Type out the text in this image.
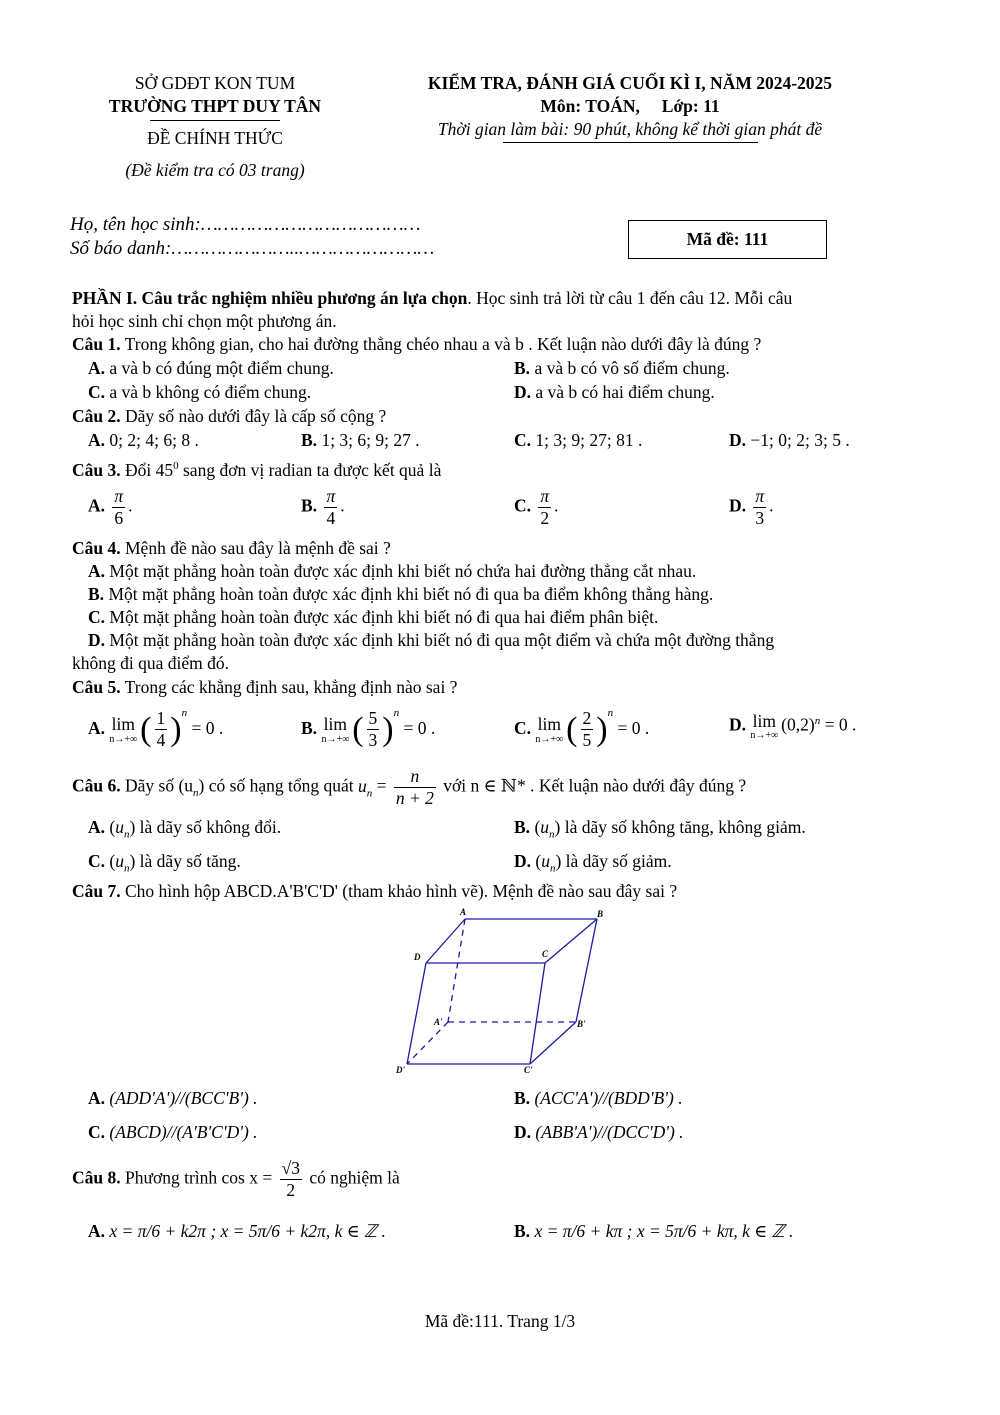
SỞ GDĐT KON TUM
TRƯỜNG THPT DUY TÂN
ĐỀ CHÍNH THỨC
(Đề kiểm tra có 03 trang)
KIỂM TRA, ĐÁNH GIÁ CUỐI KÌ I, NĂM 2024-2025
Môn: TOÁN,     Lớp: 11
Thời gian làm bài: 90 phút, không kể thời gian phát đề
Họ, tên học sinh:…………………………………
Số báo danh:…………………..……………………	Mã đề: 111
PHẦN I. Câu trắc nghiệm nhiều phương án lựa chọn. Học sinh trả lời từ câu 1 đến câu 12. Mỗi câu
hỏi học sinh chỉ chọn một phương án.
Câu 1. Trong không gian, cho hai đường thẳng chéo nhau a và b . Kết luận nào dưới đây là đúng ?
A. a và b có đúng một điểm chung.	B. a và b có vô số điểm chung.
C. a và b không có điểm chung.	D. a và b có hai điểm chung.
Câu 2. Dãy số nào dưới đây là cấp số cộng ?
A. 0; 2; 4; 6; 8 .	B. 1; 3; 6; 9; 27 .	C. 1; 3; 9; 27; 81 .	D. −1; 0; 2; 3; 5 .
Câu 3. Đổi $45^0$ sang đơn vị radian ta được kết quả là
A. $\frac{\pi}{6}$ .	B. $\frac{\pi}{4}$ .	C. $\frac{\pi}{2}$ .	D. $\frac{\pi}{3}$ .
Câu 4. Mệnh đề nào sau đây là mệnh đề sai ?
A. Một mặt phẳng hoàn toàn được xác định khi biết nó chứa hai đường thẳng cắt nhau.
B. Một mặt phẳng hoàn toàn được xác định khi biết nó đi qua ba điểm không thẳng hàng.
C. Một mặt phẳng hoàn toàn được xác định khi biết nó đi qua hai điểm phân biệt.
D. Một mặt phẳng hoàn toàn được xác định khi biết nó đi qua một điểm và chứa một đường thẳng
không đi qua điểm đó.
Câu 5. Trong các khẳng định sau, khẳng định nào sai ?
A. lim
n→+∞ ( $\frac{1}{4} )^n = 0$ .	B. lim
n→+∞ ( $\frac{5}{3} )^n = 0$ .	C. lim
n→+∞ ( $\frac{2}{5} )^n = 0$ .	D. lim
n→+∞
$(0,2)^n = 0$ .
Câu 6. Dãy số $(u_n)$ có số hạng tổng quát $u_n = \frac{n}{n + 2}$ với n ∈ ℕ* . Kết luận nào dưới đây đúng ?
A. $(u_n)$ là dãy số không đổi.	B. $(u_n)$ là dãy số không tăng, không giảm.
C. $(u_n)$ là dãy số tăng.	D. $(u_n)$ là dãy số giảm.
Câu 7. Cho hình hộp ABCD.A'B'C'D' (tham khảo hình vẽ). Mệnh đề nào sau đây sai ?
A	B
C
D
A'	B'
C'
D'
A. (ADD'A')//(BCC'B') .	B. (ACC'A')//(BDD'B') .
C. (ABCD)//(A'B'C'D') .	D. (ABB'A')//(DCC'D') .
Câu 8. Phương trình $\cos x = \frac{√3}{2}$ có nghiệm là
A. x = π/6 + k2π ; x = 5π/6 + k2π, k ∈ ℤ .	B. x = π/6 + kπ ; x = 5π/6 + kπ, k ∈ ℤ .
Mã đề:111. Trang 1/3
